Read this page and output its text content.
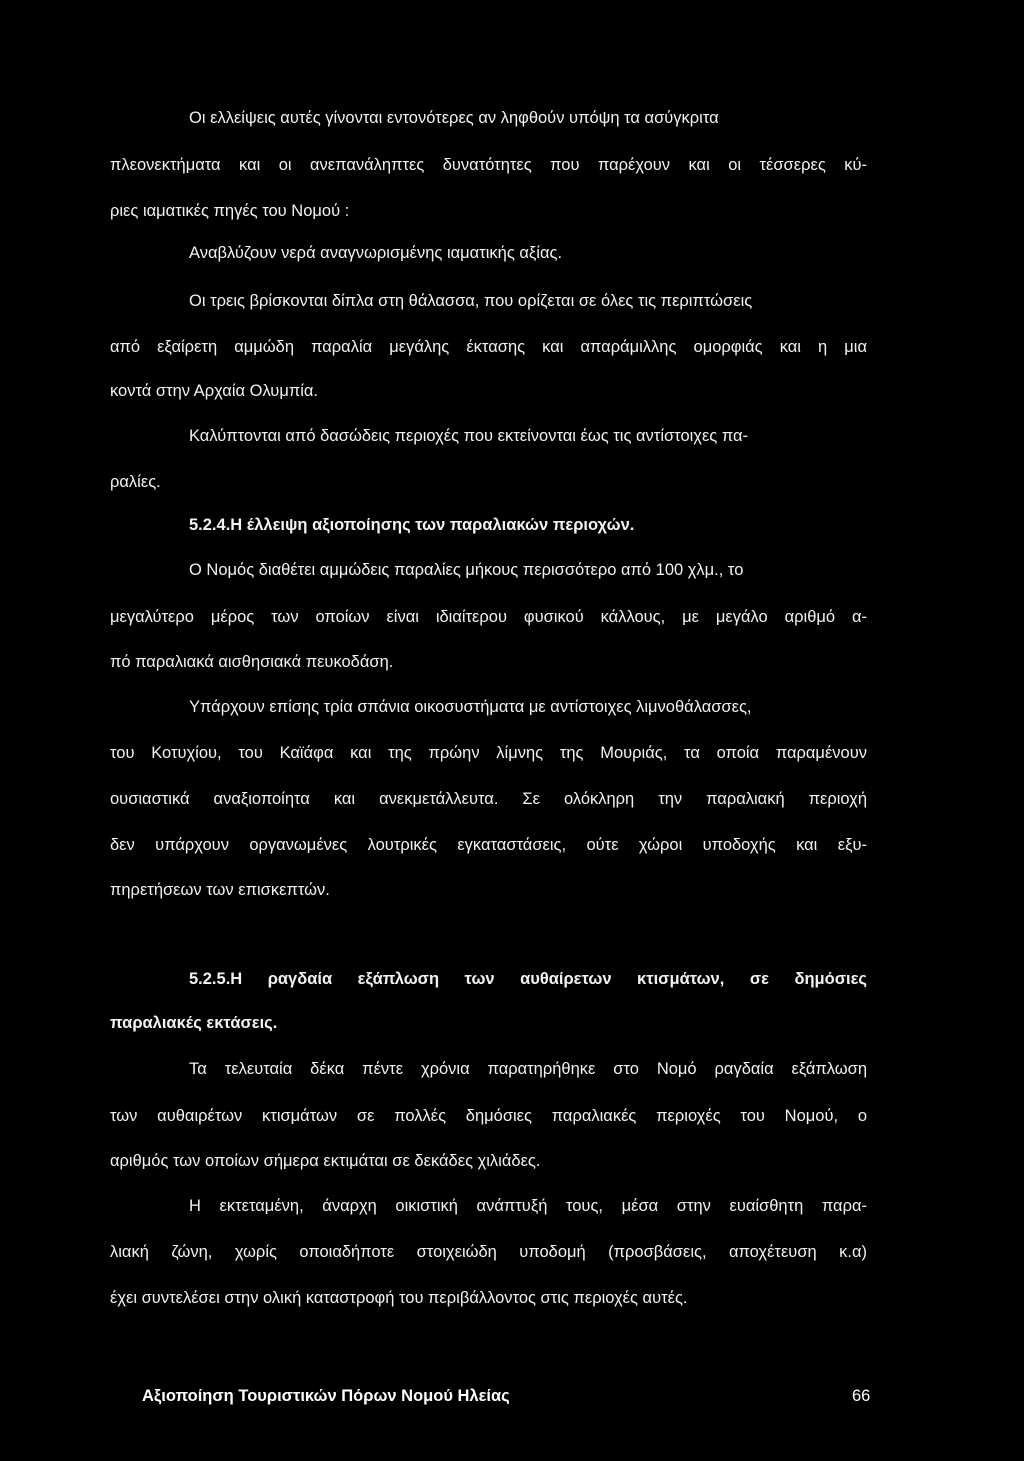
Οι ελλείψεις αυτές γίνονται εντονότερες αν ληφθούν υπόψη τα ασύγκριτα
πλεονεκτήματα και οι ανεπανάληπτες δυνατότητες που παρέχουν και οι τέσσερες κύ-
ριες ιαματικές πηγές του Νομού :
Αναβλύζουν νερά αναγνωρισμένης ιαματικής αξίας.
Οι τρεις βρίσκονται δίπλα στη θάλασσα, που ορίζεται σε όλες τις περιπτώσεις
από εξαίρετη αμμώδη παραλία μεγάλης έκτασης και απαράμιλλης ομορφιάς και η μια
κοντά στην Αρχαία Ολυμπία.
Καλύπτονται από δασώδεις περιοχές που εκτείνονται έως τις αντίστοιχες πα-
ραλίες.
5.2.4.Η έλλειψη αξιοποίησης των παραλιακών περιοχών.
Ο Νομός διαθέτει αμμώδεις παραλίες μήκους περισσότερο από 100 χλμ., το
μεγαλύτερο μέρος των οποίων είναι ιδιαίτερου φυσικού κάλλους, με μεγάλο αριθμό α-
πό παραλιακά αισθησιακά πευκοδάση.
Υπάρχουν επίσης τρία σπάνια οικοσυστήματα με αντίστοιχες λιμνοθάλασσες,
του Κοτυχίου, του Καϊάφα και της πρώην λίμνης της Μουριάς, τα οποία παραμένουν
ουσιαστικά αναξιοποίητα και ανεκμετάλλευτα. Σε ολόκληρη την παραλιακή περιοχή
δεν υπάρχουν οργανωμένες λουτρικές εγκαταστάσεις, ούτε χώροι υποδοχής και εξυ-
πηρετήσεων των επισκεπτών.
5.2.5.Η ραγδαία εξάπλωση των αυθαίρετων κτισμάτων, σε δημόσιες
παραλιακές εκτάσεις.
Τα τελευταία δέκα πέντε χρόνια παρατηρήθηκε στο Νομό ραγδαία εξάπλωση
των αυθαιρέτων κτισμάτων σε πολλές δημόσιες παραλιακές περιοχές του Νομού, ο
αριθμός των οποίων σήμερα εκτιμάται σε δεκάδες χιλιάδες.
Η εκτεταμένη, άναρχη οικιστική ανάπτυξή τους, μέσα στην ευαίσθητη παρα-
λιακή ζώνη, χωρίς οποιαδήποτε στοιχειώδη υποδομή (προσβάσεις, αποχέτευση κ.α)
έχει συντελέσει στην ολική καταστροφή του περιβάλλοντος στις περιοχές αυτές.
Αξιοποίηση Τουριστικών Πόρων Νομού Ηλείας	66
